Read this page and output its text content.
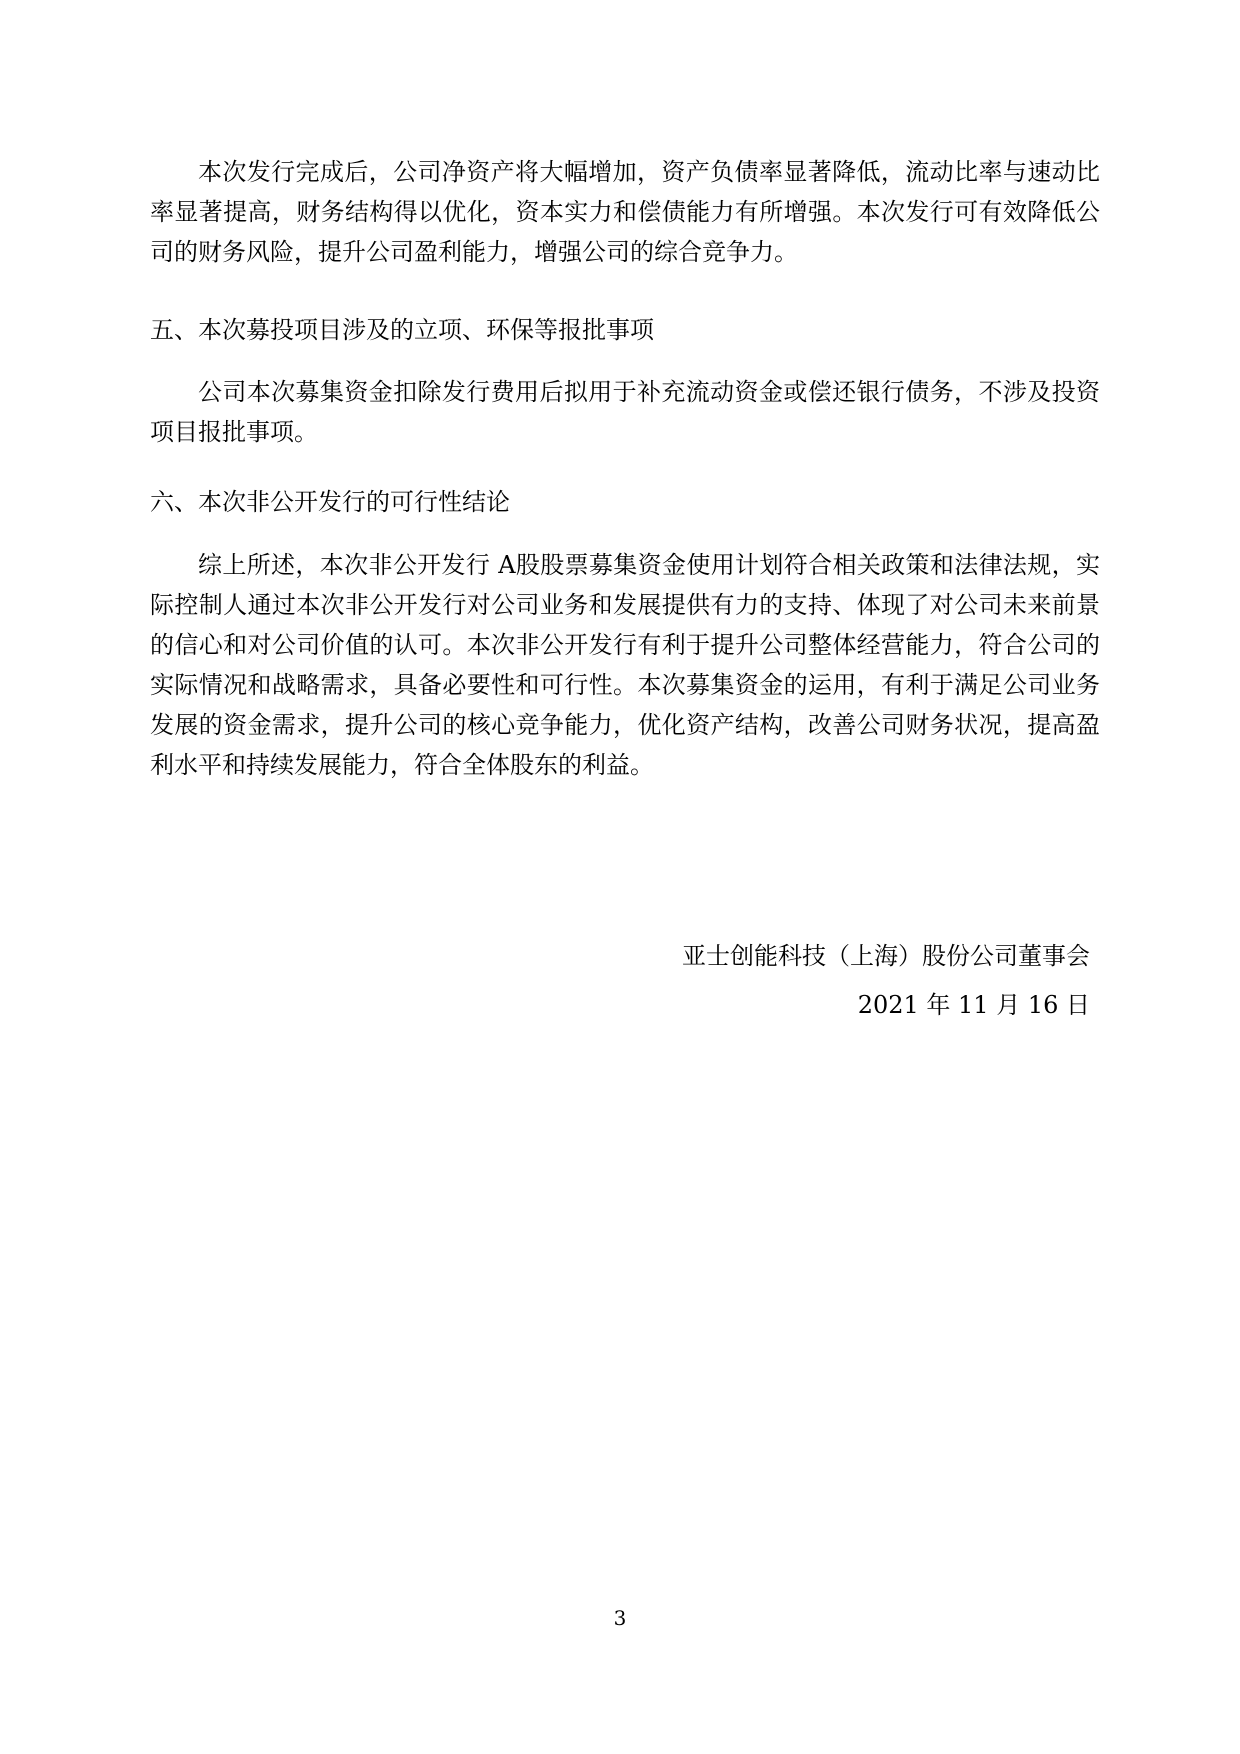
本次发行完成后，公司净资产将大幅增加，资产负债率显著降低，流动比率与速动比率显著提高，财务结构得以优化，资本实力和偿债能力有所增强。本次发行可有效降低公司的财务风险，提升公司盈利能力，增强公司的综合竞争力。

五、本次募投项目涉及的立项、环保等报批事项

公司本次募集资金扣除发行费用后拟用于补充流动资金或偿还银行债务，不涉及投资项目报批事项。

六、本次非公开发行的可行性结论

综上所述，本次非公开发行 A股股票募集资金使用计划符合相关政策和法律法规，实际控制人通过本次非公开发行对公司业务和发展提供有力的支持、体现了对公司未来前景的信心和对公司价值的认可。本次非公开发行有利于提升公司整体经营能力，符合公司的实际情况和战略需求，具备必要性和可行性。本次募集资金的运用，有利于满足公司业务发展的资金需求，提升公司的核心竞争能力，优化资产结构，改善公司财务状况，提高盈利水平和持续发展能力，符合全体股东的利益。

亚士创能科技（上海）股份公司董事会
2021 年 11 月 16 日
3
